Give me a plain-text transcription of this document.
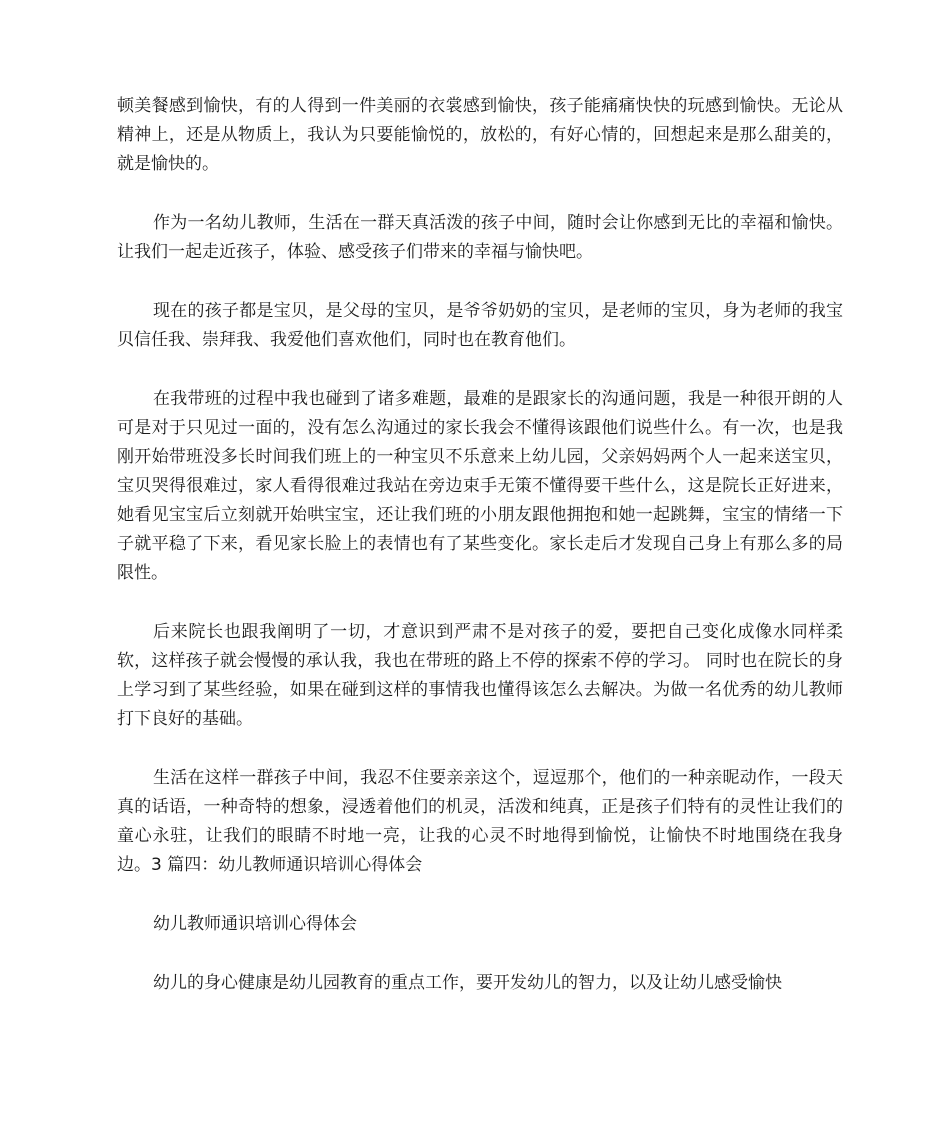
顿美餐感到愉快，有的人得到一件美丽的衣裳感到愉快，孩子能痛痛快快的玩感到愉快。无论从精神上，还是从物质上，我认为只要能愉悦的，放松的，有好心情的，回想起来是那么甜美的，就是愉快的。

作为一名幼儿教师，生活在一群天真活泼的孩子中间，随时会让你感到无比的幸福和愉快。让我们一起走近孩子，体验、感受孩子们带来的幸福与愉快吧。

现在的孩子都是宝贝，是父母的宝贝，是爷爷奶奶的宝贝，是老师的宝贝，身为老师的我宝贝信任我、崇拜我、我爱他们喜欢他们，同时也在教育他们。

在我带班的过程中我也碰到了诸多难题，最难的是跟家长的沟通问题，我是一种很开朗的人可是对于只见过一面的，没有怎么沟通过的家长我会不懂得该跟他们说些什么。有一次，也是我刚开始带班没多长时间我们班上的一种宝贝不乐意来上幼儿园，父亲妈妈两个人一起来送宝贝，宝贝哭得很难过，家人看得很难过我站在旁边束手无策不懂得要干些什么，这是院长正好进来，她看见宝宝后立刻就开始哄宝宝，还让我们班的小朋友跟他拥抱和她一起跳舞，宝宝的情绪一下子就平稳了下来，看见家长脸上的表情也有了某些变化。家长走后才发现自己身上有那么多的局限性。

后来院长也跟我阐明了一切，才意识到严肃不是对孩子的爱，要把自己变化成像水同样柔软，这样孩子就会慢慢的承认我，我也在带班的路上不停的探索不停的学习。 同时也在院长的身上学习到了某些经验，如果在碰到这样的事情我也懂得该怎么去解决。为做一名优秀的幼儿教师打下良好的基础。

生活在这样一群孩子中间，我忍不住要亲亲这个，逗逗那个，他们的一种亲昵动作，一段天真的话语，一种奇特的想象，浸透着他们的机灵，活泼和纯真，正是孩子们特有的灵性让我们的童心永驻，让我们的眼睛不时地一亮，让我的心灵不时地得到愉悦，让愉快不时地围绕在我身边。3 篇四：幼儿教师通识培训心得体会

幼儿教师通识培训心得体会

幼儿的身心健康是幼儿园教育的重点工作，要开发幼儿的智力，以及让幼儿感受愉快
